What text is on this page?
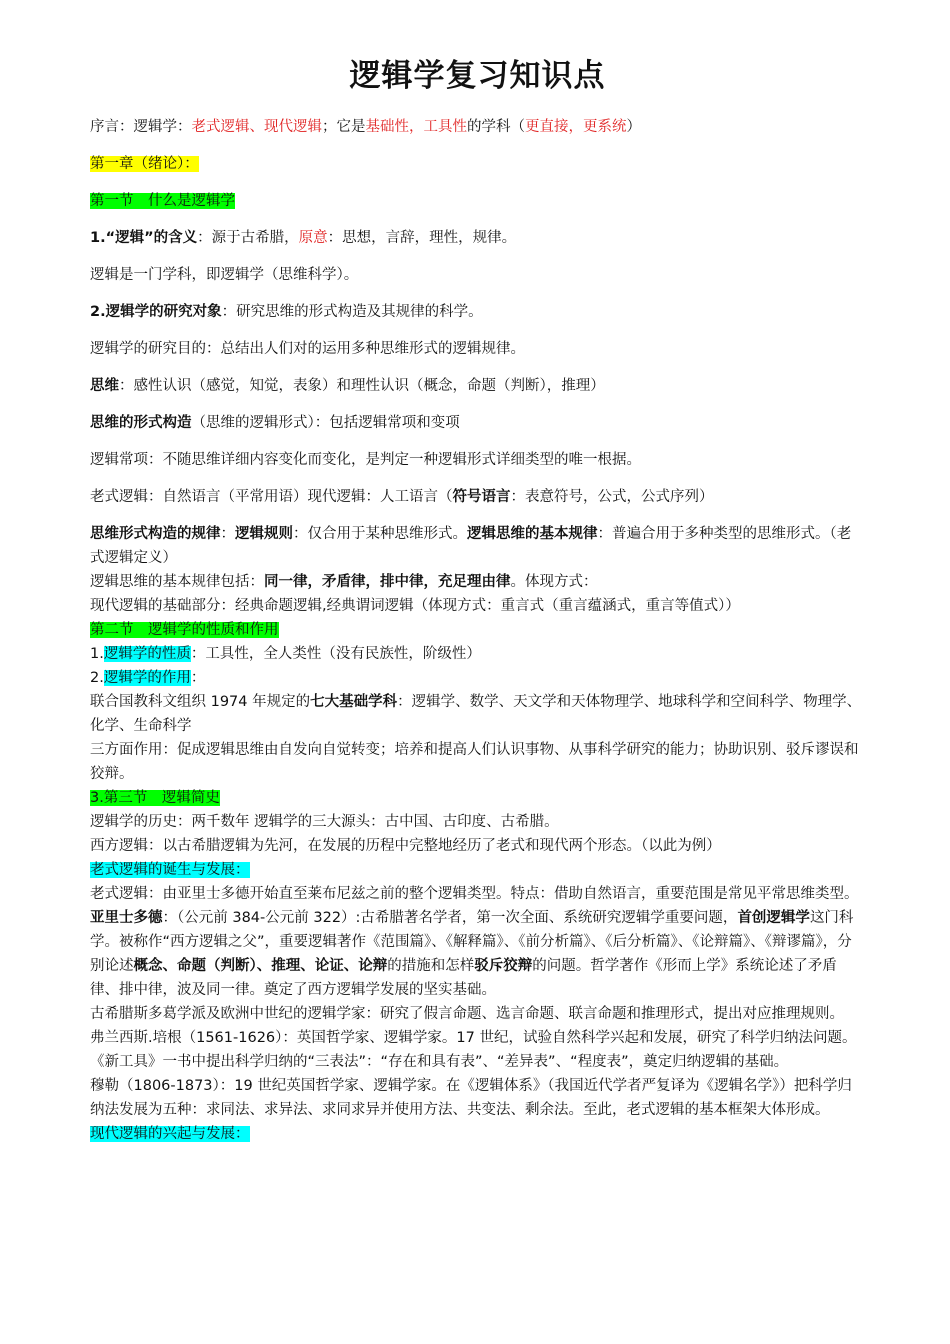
逻辑学复习知识点

序言：逻辑学：老式逻辑、现代逻辑；它是基础性，工具性的学科（更直接，更系统）

第一章（绪论）：

第一节　什么是逻辑学

1.“逻辑”的含义：源于古希腊，原意：思想，言辞，理性，规律。

逻辑是一门学科，即逻辑学（思维科学）。

2.逻辑学的研究对象：研究思维的形式构造及其规律的科学。

逻辑学的研究目的：总结出人们对的运用多种思维形式的逻辑规律。

思维：感性认识（感觉，知觉，表象）和理性认识（概念，命题（判断），推理）

思维的形式构造（思维的逻辑形式）：包括逻辑常项和变项

逻辑常项：不随思维详细内容变化而变化，是判定一种逻辑形式详细类型的唯一根据。

老式逻辑：自然语言（平常用语）现代逻辑：人工语言（符号语言：表意符号，公式，公式序列）

思维形式构造的规律：逻辑规则：仅合用于某种思维形式。逻辑思维的基本规律：普遍合用于多种类型的思维形式。（老式逻辑定义）

逻辑思维的基本规律包括：同一律，矛盾律，排中律，充足理由律。体现方式：

现代逻辑的基础部分：经典命题逻辑,经典谓词逻辑（体现方式：重言式（重言蕴涵式，重言等值式））

第二节　逻辑学的性质和作用

1.逻辑学的性质：工具性，全人类性（没有民族性，阶级性）

2.逻辑学的作用：

联合国教科文组织 1974 年规定的七大基础学科：逻辑学、数学、天文学和天体物理学、地球科学和空间科学、物理学、化学、生命科学

三方面作用：促成逻辑思维由自发向自觉转变；培养和提高人们认识事物、从事科学研究的能力；协助识别、驳斥谬误和狡辩。

3.第三节　逻辑简史

逻辑学的历史：两千数年 逻辑学的三大源头：古中国、古印度、古希腊。

西方逻辑：以古希腊逻辑为先河，在发展的历程中完整地经历了老式和现代两个形态。（以此为例）

老式逻辑的诞生与发展：

老式逻辑：由亚里士多德开始直至莱布尼兹之前的整个逻辑类型。特点：借助自然语言，重要范围是常见平常思维类型。

亚里士多德：（公元前 384-公元前 322）:古希腊著名学者，第一次全面、系统研究逻辑学重要问题，首创逻辑学这门科学。被称作“西方逻辑之父”，重要逻辑著作《范围篇》、《解释篇》、《前分析篇》、《后分析篇》、《论辩篇》、《辩谬篇》，分别论述概念、命题（判断）、推理、论证、论辩的措施和怎样驳斥狡辩的问题。哲学著作《形而上学》系统论述了矛盾律、排中律，波及同一律。奠定了西方逻辑学发展的坚实基础。

古希腊斯多葛学派及欧洲中世纪的逻辑学家：研究了假言命题、选言命题、联言命题和推理形式，提出对应推理规则。

弗兰西斯.培根（1561-1626）：英国哲学家、逻辑学家。17 世纪，试验自然科学兴起和发展，研究了科学归纳法问题。《新工具》一书中提出科学归纳的“三表法”：“存在和具有表”、“差异表”、“程度表”，奠定归纳逻辑的基础。

穆勒（1806-1873）：19 世纪英国哲学家、逻辑学家。在《逻辑体系》（我国近代学者严复译为《逻辑名学》）把科学归纳法发展为五种：求同法、求异法、求同求异并使用方法、共变法、剩余法。至此，老式逻辑的基本框架大体形成。

现代逻辑的兴起与发展：
